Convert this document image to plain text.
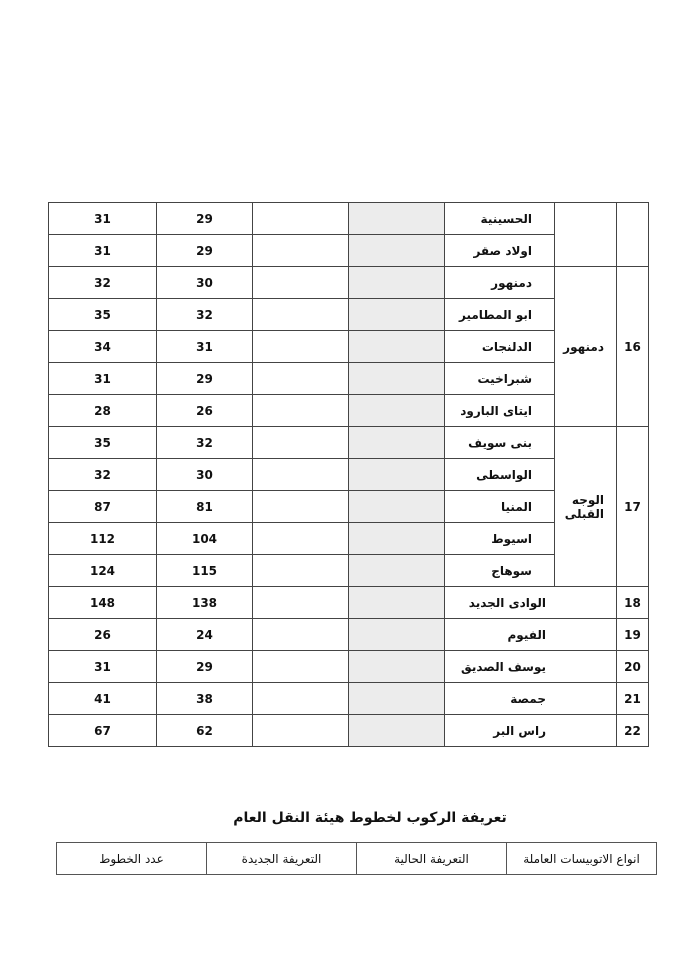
31	29			الحسينية		
31	29			اولاد صقر		
32	30			دمنهور	دمنهور	16
35	32			ابو المطامير		
34	31			الدلنجات		
31	29			شبراخيت		
28	26			ايتاى البارود		
35	32			بنى سويف	الوجه القبلى	17
32	30			الواسطى		
87	81			المنيا		
112	104			اسيوط		
124	115			سوهاج		
148	138			الوادى الجديد		18
26	24			الفيوم		19
31	29			يوسف الصديق		20
41	38			جمصة		21
67	62			راس البر		22
تعريفة الركوب لخطوط هيئة النقل العام
عدد الخطوط	التعريفة الجديدة	التعريفة الحالية	انواع الاتوبيسات العاملة
